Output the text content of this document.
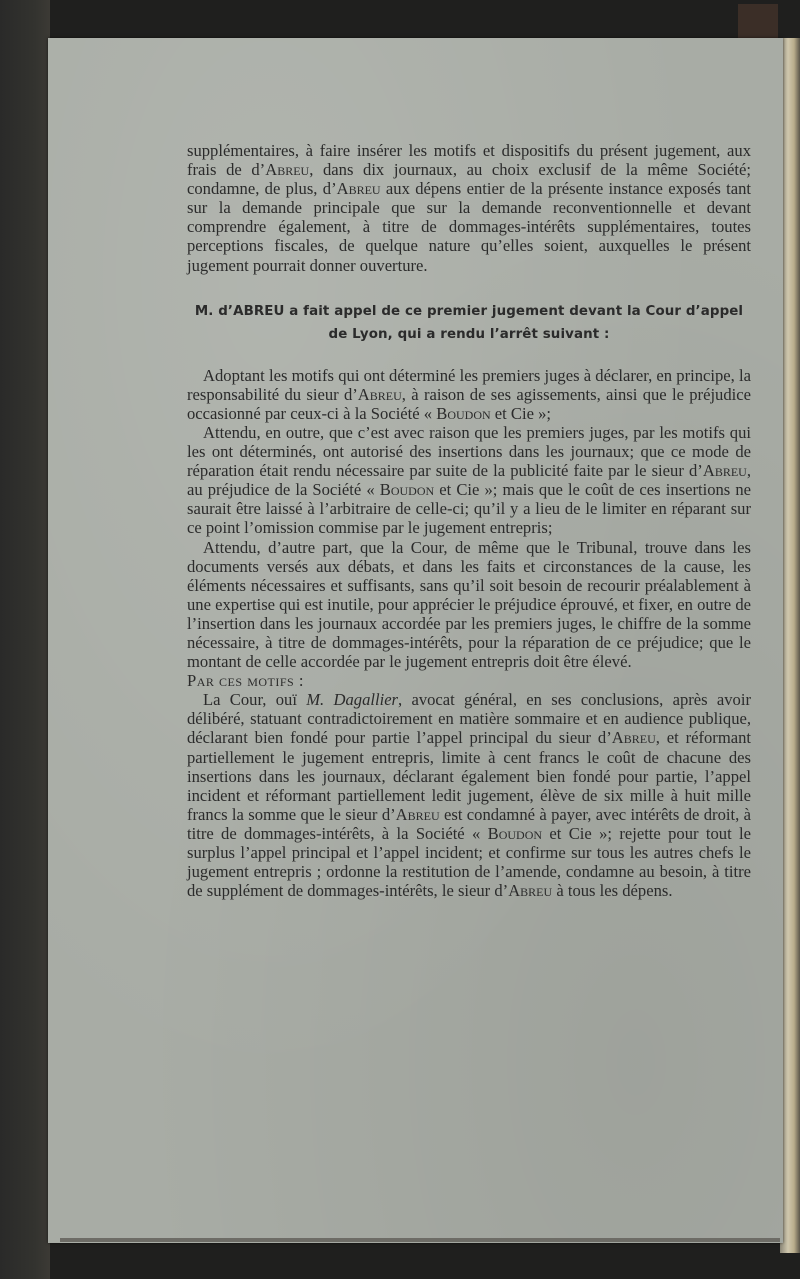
supplémentaires, à faire insérer les motifs et dispositifs du présent jugement, aux frais de d’Abreu, dans dix journaux, au choix exclusif de la même Société; condamne, de plus, d’Abreu aux dépens entier de la présente instance exposés tant sur la demande principale que sur la demande reconventionnelle et devant comprendre également, à titre de dommages-intérêts supplémentaires, toutes perceptions fiscales, de quelque nature qu’elles soient, auxquelles le présent jugement pourrait donner ouverture.

M. d’ABREU a fait appel de ce premier jugement devant la Cour d’appel
de Lyon, qui a rendu l’arrêt suivant :

Adoptant les motifs qui ont déterminé les premiers juges à déclarer, en principe, la responsabilité du sieur d’Abreu, à raison de ses agissements, ainsi que le préjudice occasionné par ceux-ci à la Société « Boudon et Cie »;

Attendu, en outre, que c’est avec raison que les premiers juges, par les motifs qui les ont déterminés, ont autorisé des insertions dans les journaux; que ce mode de réparation était rendu nécessaire par suite de la publicité faite par le sieur d’Abreu, au préjudice de la Société « Boudon et Cie »; mais que le coût de ces insertions ne saurait être laissé à l’arbitraire de celle-ci; qu’il y a lieu de le limiter en réparant sur ce point l’omission commise par le jugement entrepris;

Attendu, d’autre part, que la Cour, de même que le Tribunal, trouve dans les documents versés aux débats, et dans les faits et circonstances de la cause, les éléments nécessaires et suffisants, sans qu’il soit besoin de recourir préalablement à une expertise qui est inutile, pour apprécier le préjudice éprouvé, et fixer, en outre de l’insertion dans les journaux accordée par les premiers juges, le chiffre de la somme nécessaire, à titre de dommages-intérêts, pour la réparation de ce préjudice; que le montant de celle accordée par le jugement entrepris doit être élevé.

Par ces motifs :

La Cour, ouï M. Dagallier, avocat général, en ses conclusions, après avoir délibéré, statuant contradictoirement en matière sommaire et en audience publique, déclarant bien fondé pour partie l’appel principal du sieur d’Abreu, et réformant partiellement le jugement entrepris, limite à cent francs le coût de chacune des insertions dans les journaux, déclarant également bien fondé pour partie, l’appel incident et réformant partiellement ledit jugement, élève de six mille à huit mille francs la somme que le sieur d’Abreu est condamné à payer, avec intérêts de droit, à titre de dommages-intérêts, à la Société « Boudon et Cie »; rejette pour tout le surplus l’appel principal et l’appel incident; et confirme sur tous les autres chefs le jugement entrepris ; ordonne la restitution de l’amende, condamne au besoin, à titre de supplément de dommages-intérêts, le sieur d’Abreu à tous les dépens.
